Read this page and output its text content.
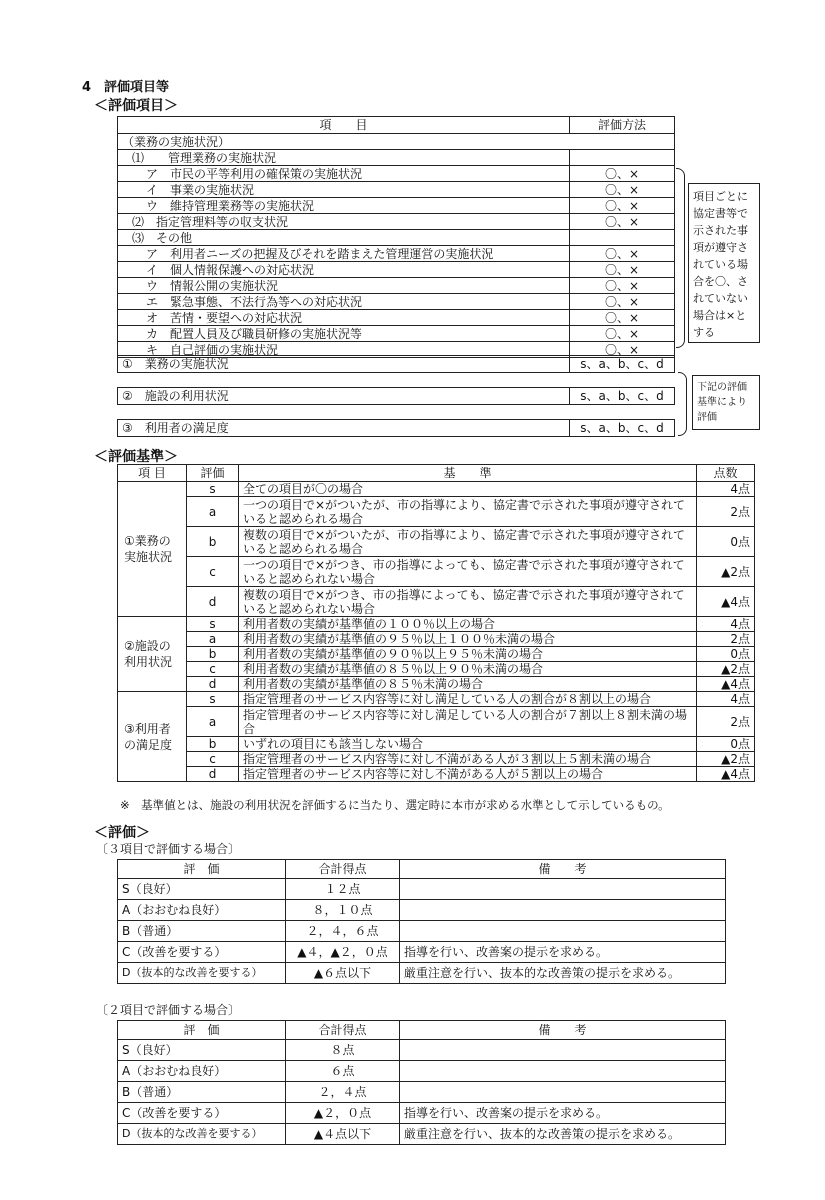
4　評価項目等
＜評価項目＞
項　　目	評価方法
（業務の実施状況）	
⑴　　管理業務の実施状況	
ア　市民の平等利用の確保策の実施状況	〇、×
イ　事業の実施状況	〇、×
ウ　維持管理業務等の実施状況	〇、×
⑵　指定管理料等の収支状況	〇、×
⑶　その他	
ア　利用者ニーズの把握及びそれを踏まえた管理運営の実施状況	〇、×
イ　個人情報保護への対応状況	〇、×
ウ　情報公開の実施状況	〇、×
エ　緊急事態、不法行為等への対応状況	〇、×
オ　苦情・要望への対応状況	〇、×
カ　配置人員及び職員研修の実施状況等	〇、×
キ　自己評価の実施状況	〇、×
項目ごとに協定書等で示された事項が遵守されている場合を〇、されていない場合は×とする
①　業務の実施状況	s、a、b、c、d
②　施設の利用状況	s、a、b、c、d
③　利用者の満足度	s、a、b、c、d
下記の評価基準により評価
＜評価基準＞
項 目	評価	基　　準	点数
①業務の実施状況	s	全ての項目が〇の場合	4点
	a	一つの項目で×がついたが、市の指導により、協定書で示された事項が遵守されていると認められる場合	2点
	b	複数の項目で×がついたが、市の指導により、協定書で示された事項が遵守されていると認められる場合	0点
	c	一つの項目で×がつき、市の指導によっても、協定書で示された事項が遵守されていると認められない場合	▲2点
	d	複数の項目で×がつき、市の指導によっても、協定書で示された事項が遵守されていると認められない場合	▲4点
②施設の利用状況	s	利用者数の実績が基準値の１００％以上の場合	4点
	a	利用者数の実績が基準値の９５％以上１００％未満の場合	2点
	b	利用者数の実績が基準値の９０％以上９５％未満の場合	0点
	c	利用者数の実績が基準値の８５％以上９０％未満の場合	▲2点
	d	利用者数の実績が基準値の８５％未満の場合	▲4点
③利用者の満足度	s	指定管理者のサービス内容等に対し満足している人の割合が８割以上の場合	4点
	a	指定管理者のサービス内容等に対し満足している人の割合が７割以上８割未満の場合	2点
	b	いずれの項目にも該当しない場合	0点
	c	指定管理者のサービス内容等に対し不満がある人が３割以上５割未満の場合	▲2点
	d	指定管理者のサービス内容等に対し不満がある人が５割以上の場合	▲4点
※　基準値とは、施設の利用状況を評価するに当たり、選定時に本市が求める水準として示しているもの。
＜評価＞
〔３項目で評価する場合〕
評　価	合計得点	備　　考
S（良好）	１２点	
A（おおむね良好）	８，１０点	
B（普通）	２，４，６点	
C（改善を要する）	▲４，▲２，０点	指導を行い、改善案の提示を求める。
D（抜本的な改善を要する）	▲６点以下	厳重注意を行い、抜本的な改善策の提示を求める。
〔２項目で評価する場合〕
評　価	合計得点	備　　考
S（良好）	８点	
A（おおむね良好）	６点	
B（普通）	２，４点	
C（改善を要する）	▲２，０点	指導を行い、改善案の提示を求める。
D（抜本的な改善を要する）	▲４点以下	厳重注意を行い、抜本的な改善策の提示を求める。
